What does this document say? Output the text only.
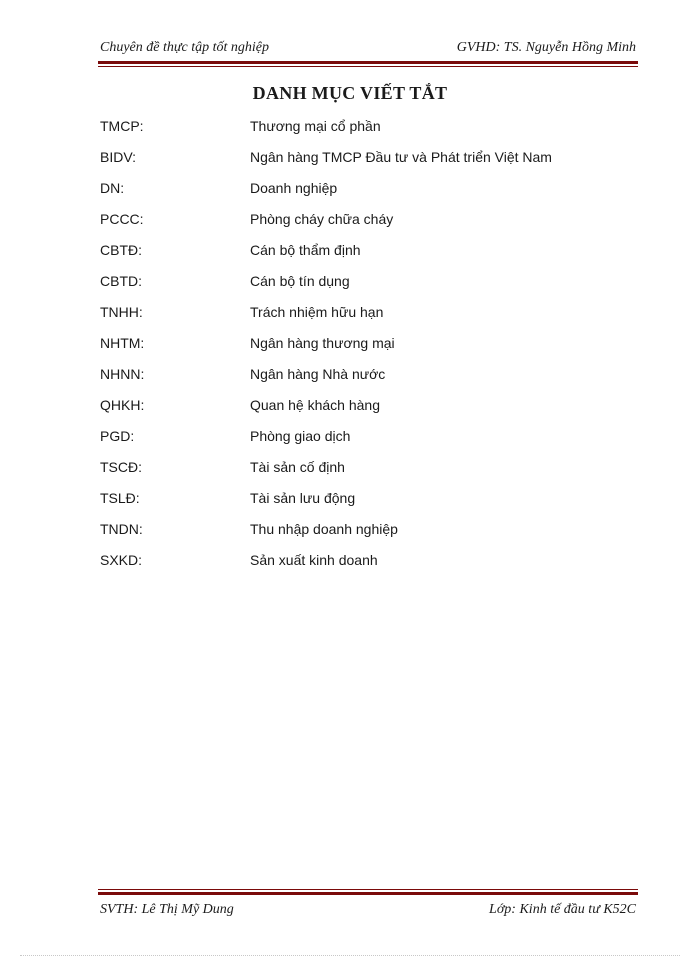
Chuyên đề thực tập tốt nghiệp	GVHD: TS. Nguyễn Hồng Minh
DANH MỤC VIẾT TẮT
TMCP:	Thương mại cổ phần
BIDV:	Ngân hàng TMCP Đầu tư và Phát triển Việt Nam
DN:	Doanh nghiệp
PCCC:	Phòng cháy chữa cháy
CBTĐ:	Cán bộ thẩm định
CBTD:	Cán bộ tín dụng
TNHH:	Trách nhiệm hữu hạn
NHTM:	Ngân hàng thương mại
NHNN:	Ngân hàng Nhà nước
QHKH:	Quan hệ khách hàng
PGD:	Phòng giao dịch
TSCĐ:	Tài sản cố định
TSLĐ:	Tài sản lưu động
TNDN:	Thu nhập doanh nghiệp
SXKD:	Sản xuất kinh doanh
SVTH: Lê Thị Mỹ Dung	Lớp: Kinh tế đầu tư K52C
